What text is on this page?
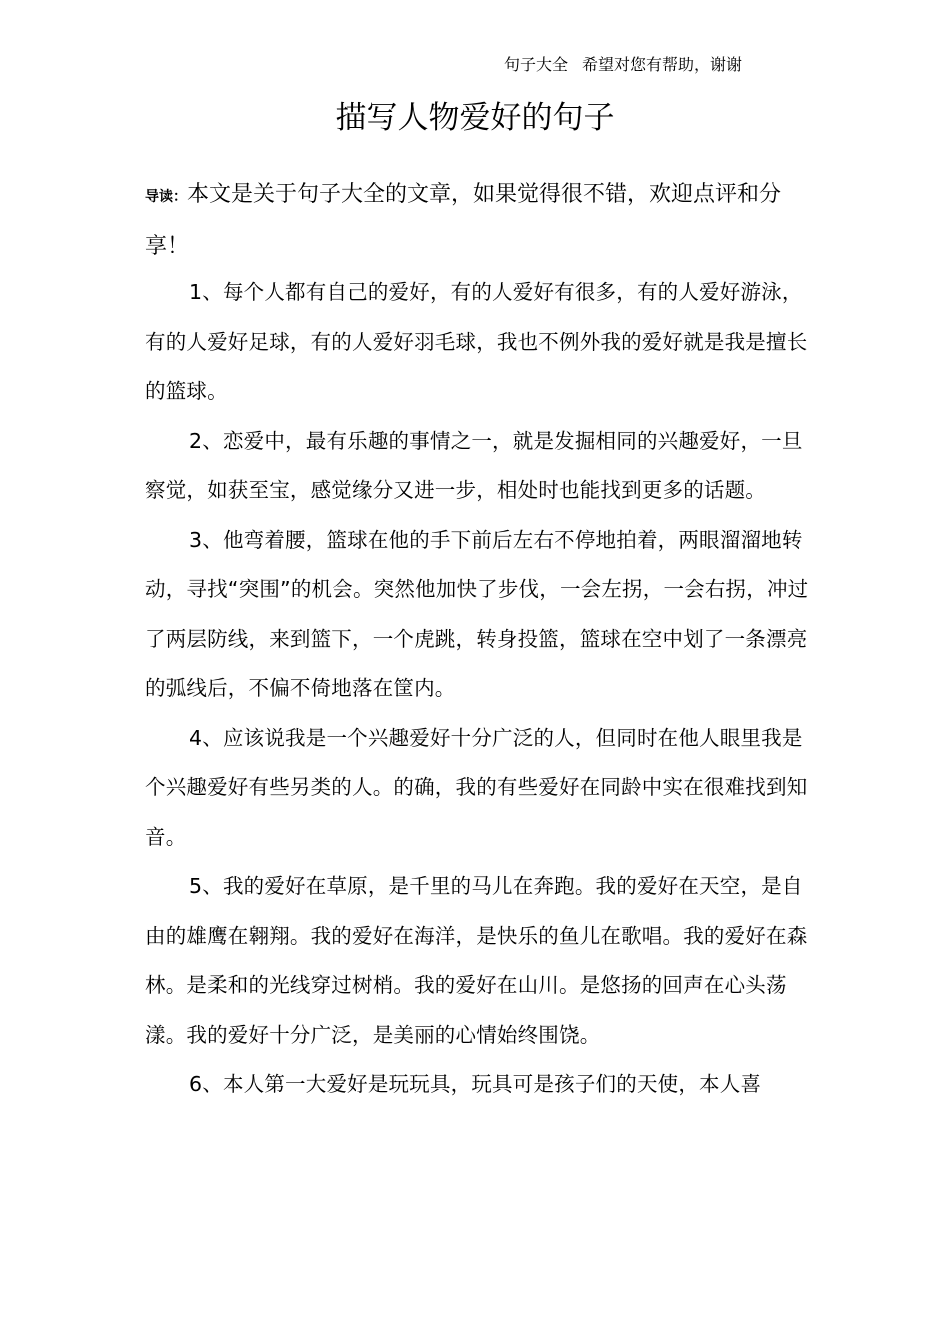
句子大全 希望对您有帮助，谢谢
描写人物爱好的句子
导读：本文是关于句子大全的文章，如果觉得很不错，欢迎点评和分享！

1、每个人都有自己的爱好，有的人爱好有很多，有的人爱好游泳，有的人爱好足球，有的人爱好羽毛球，我也不例外我的爱好就是我是擅长的篮球。

2、恋爱中，最有乐趣的事情之一，就是发掘相同的兴趣爱好，一旦察觉，如获至宝，感觉缘分又进一步，相处时也能找到更多的话题。

3、他弯着腰，篮球在他的手下前后左右不停地拍着，两眼溜溜地转动，寻找“突围”的机会。突然他加快了步伐，一会左拐，一会右拐，冲过了两层防线，来到篮下，一个虎跳，转身投篮，篮球在空中划了一条漂亮的弧线后，不偏不倚地落在筐内。

4、应该说我是一个兴趣爱好十分广泛的人，但同时在他人眼里我是个兴趣爱好有些另类的人。的确，我的有些爱好在同龄中实在很难找到知音。

5、我的爱好在草原，是千里的马儿在奔跑。我的爱好在天空，是自由的雄鹰在翱翔。我的爱好在海洋，是快乐的鱼儿在歌唱。我的爱好在森林。是柔和的光线穿过树梢。我的爱好在山川。是悠扬的回声在心头荡漾。我的爱好十分广泛，是美丽的心情始终围饶。

6、本人第一大爱好是玩玩具，玩具可是孩子们的天使，本人喜
